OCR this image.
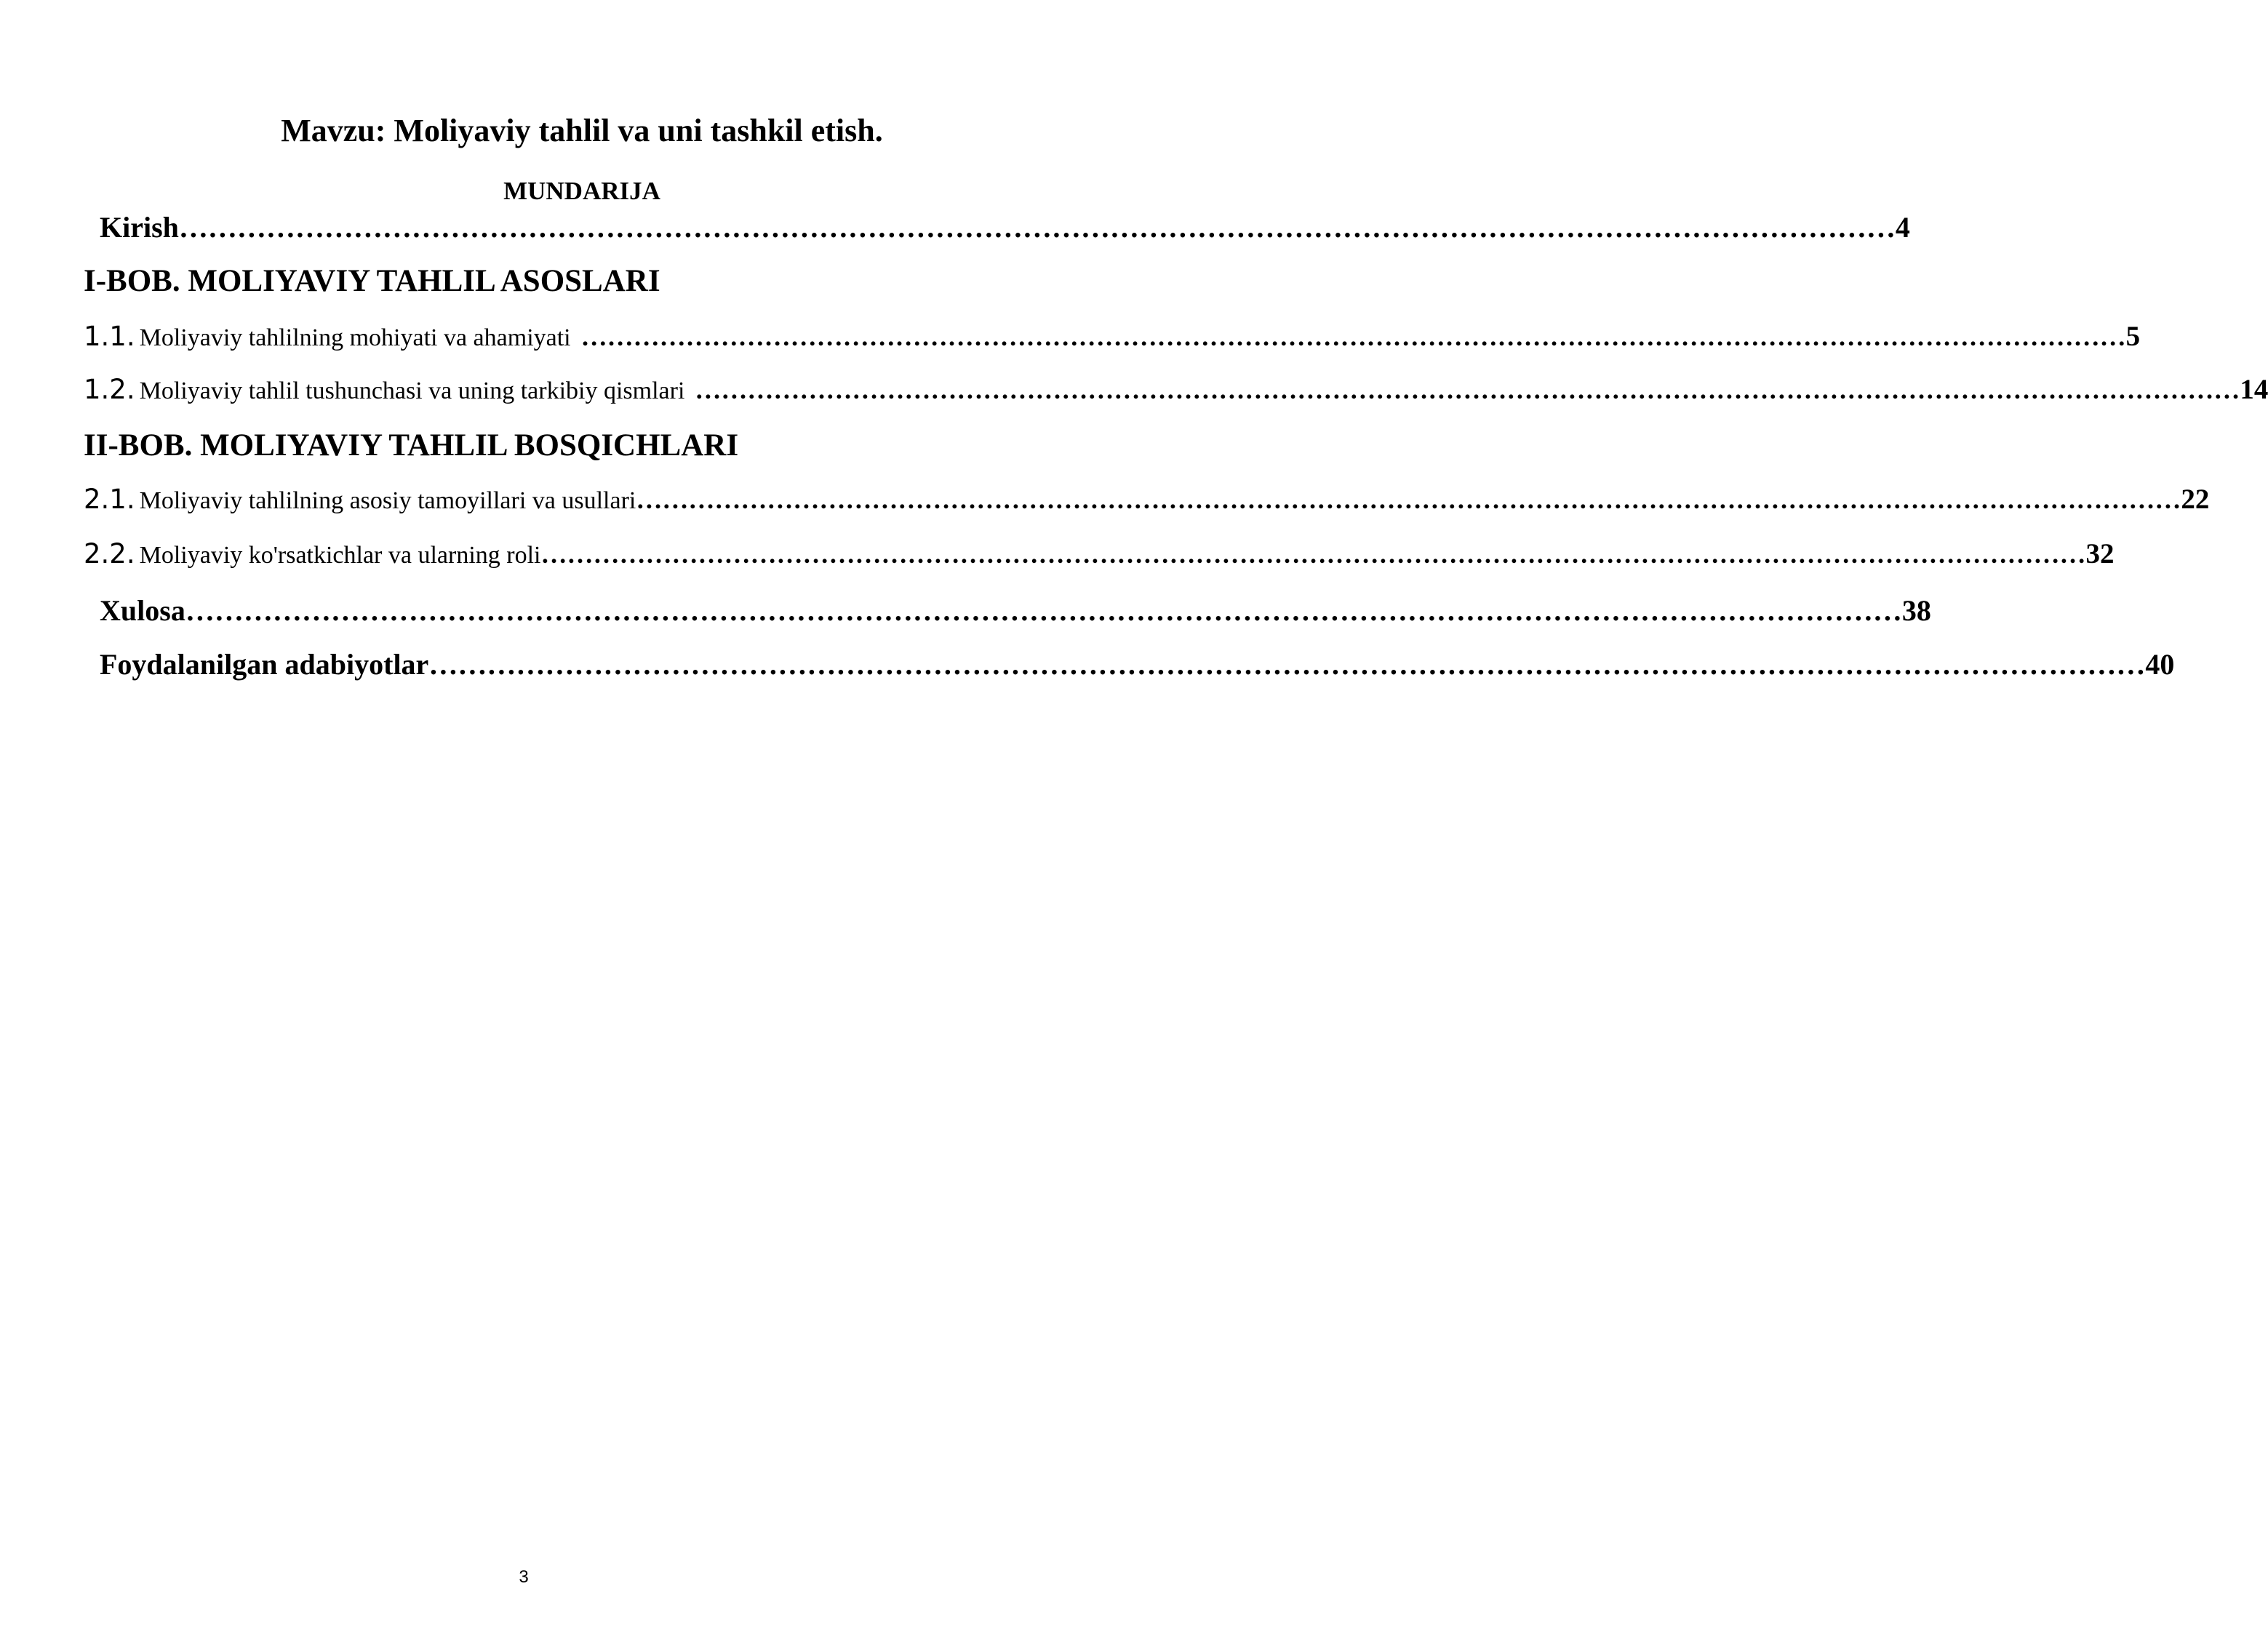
Mavzu: Moliyaviy tahlil va uni tashkil etish.
MUNDARIJA
Kirish …………………………………………………………………………………………………………………………………………………………… 4
I-BOB. MOLIYAVIY TAHLIL ASOSLARI
1.1. Moliyaviy tahlilning mohiyati va ahamiyati …………………………………………………………………………………………………………………………………………………………… 5
1.2. Moliyaviy tahlil tushunchasi va uning tarkibiy qismlari …………………………………………………………………………………………………………………………………………………………… 14
II-BOB. MOLIYAVIY TAHLIL BOSQICHLARI
2.1. Moliyaviy tahlilning asosiy tamoyillari va usullari …………………………………………………………………………………………………………………………………………………………… 22
2.2. Moliyaviy ko'rsatkichlar va ularning roli …………………………………………………………………………………………………………………………………………………………… 32
Xulosa …………………………………………………………………………………………………………………………………………………………… 38
Foydalanilgan adabiyotlar …………………………………………………………………………………………………………………………………………………………… 40
3
